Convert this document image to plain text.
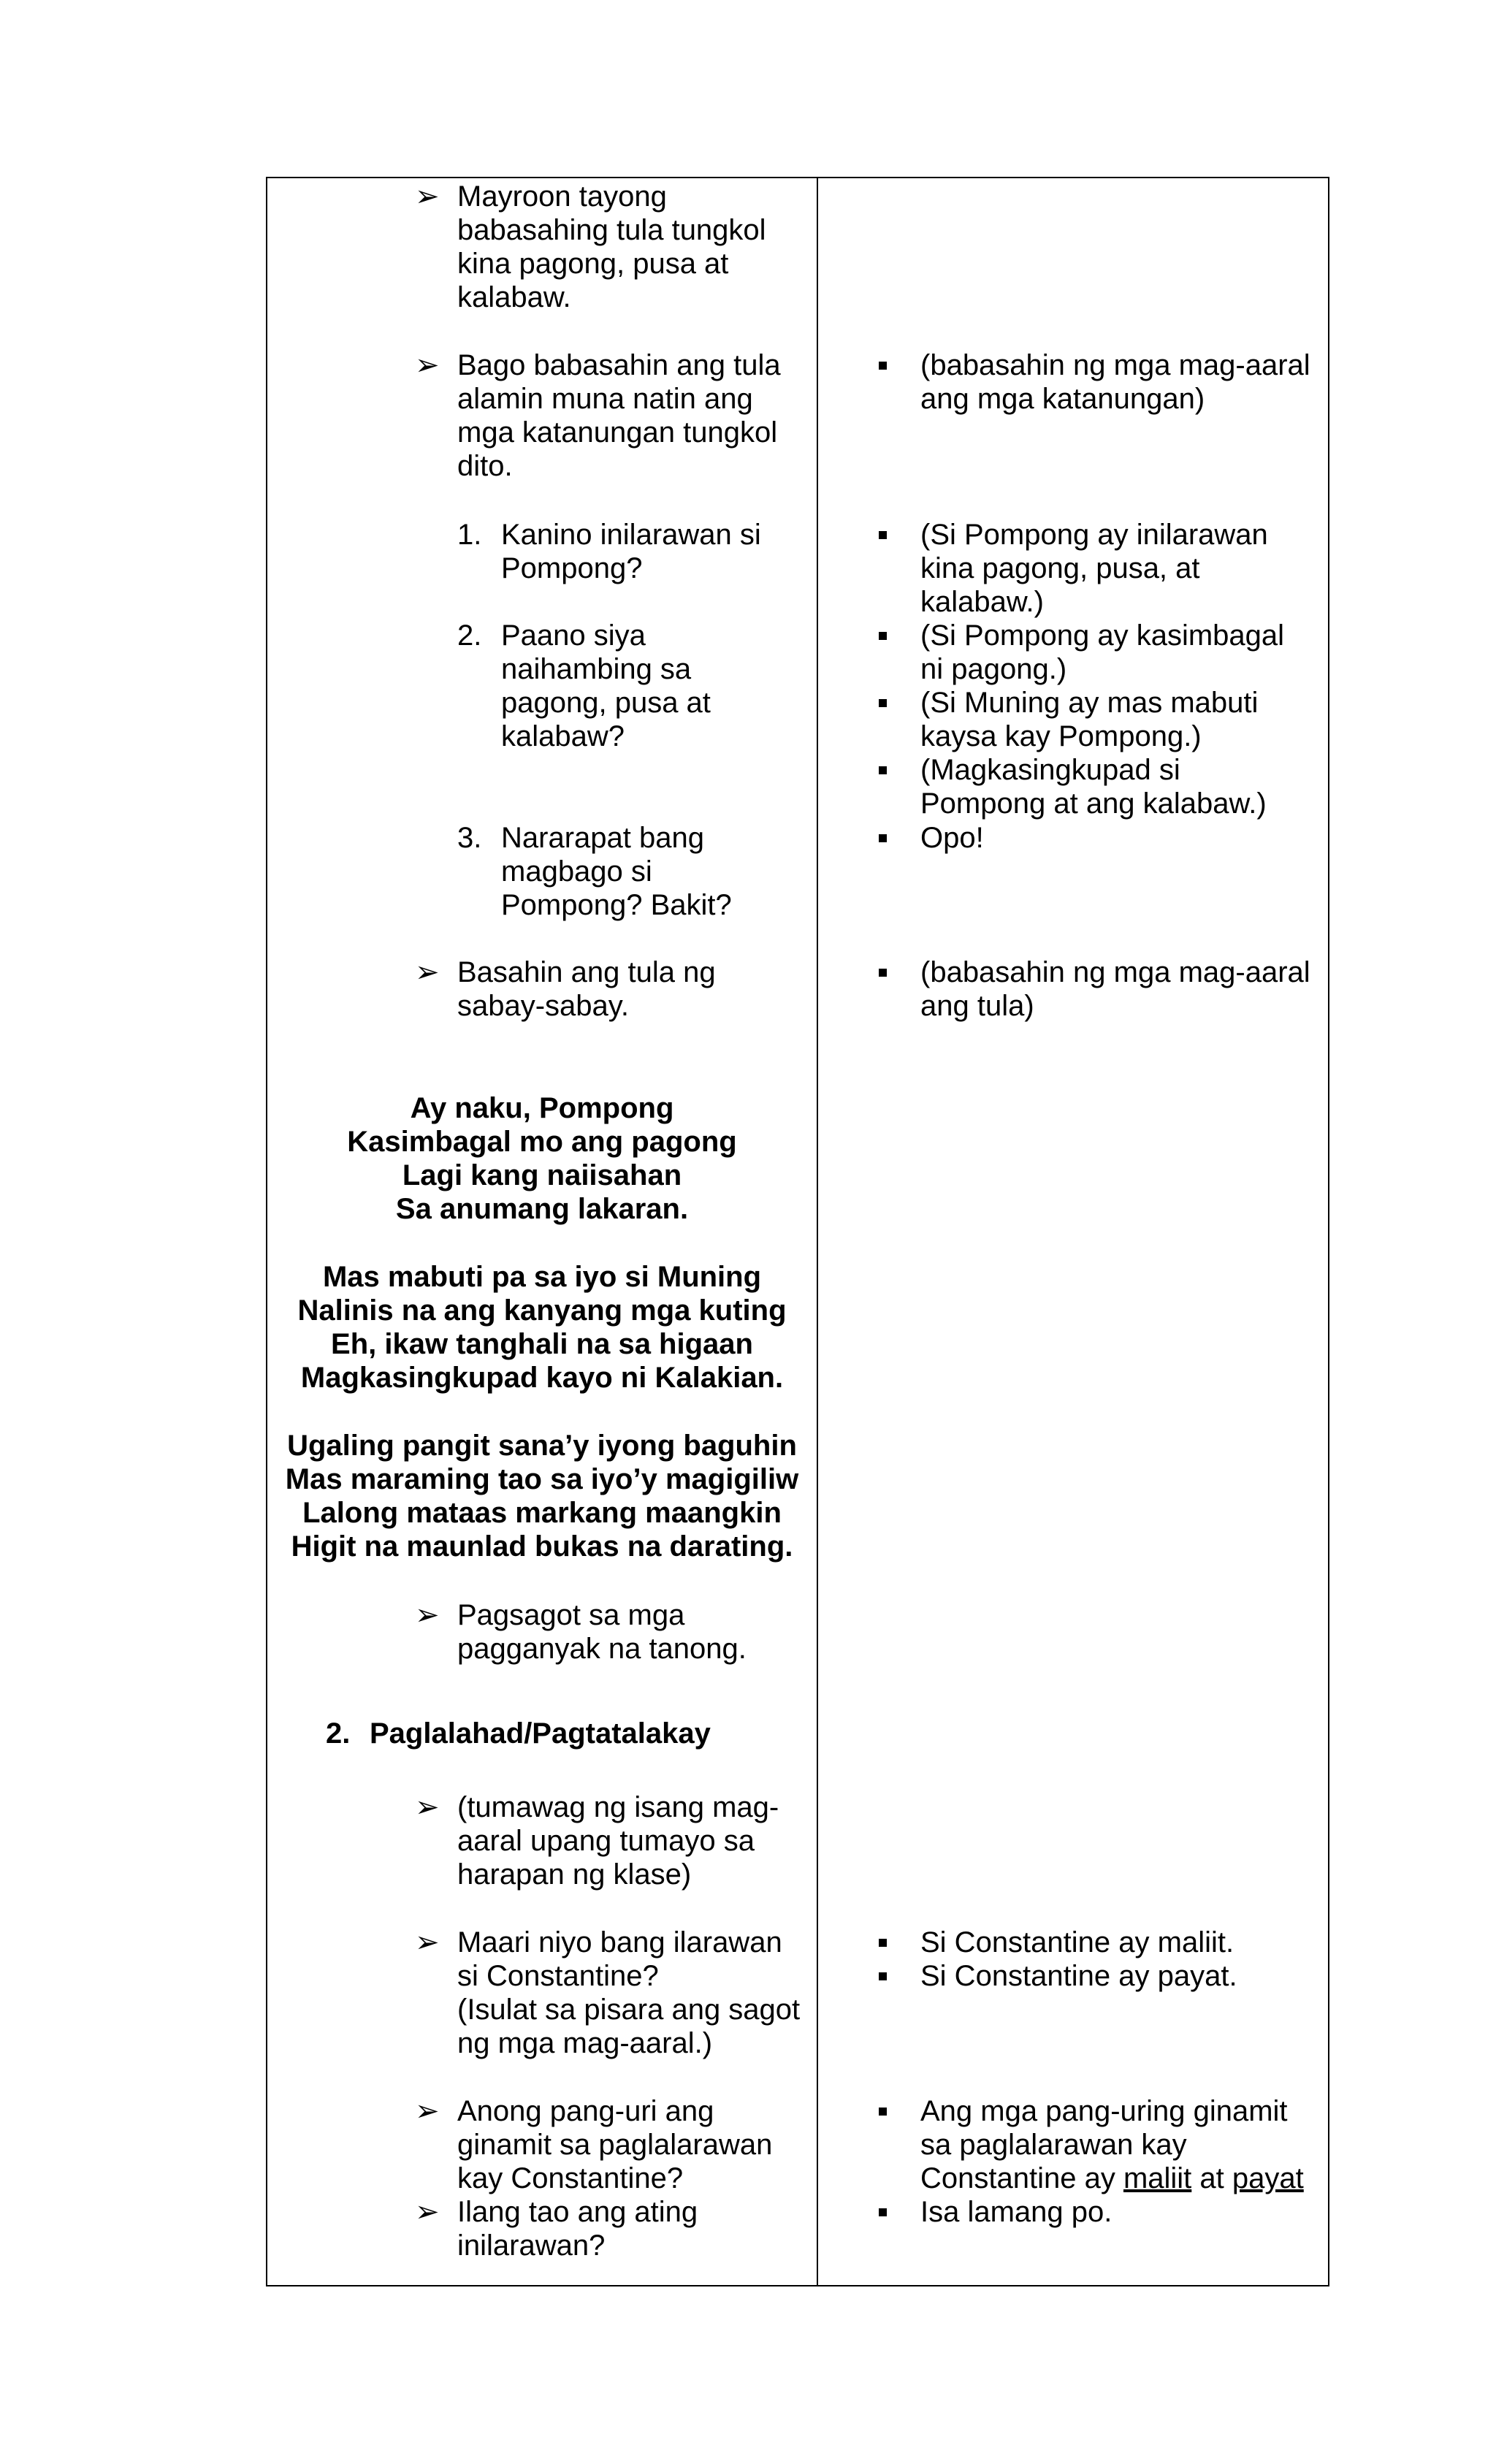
➢ Mayroon tayong
babasahing tula tungkol
kina pagong, pusa at
kalabaw.
➢ Bago babasahin ang tula
alamin muna natin ang
mga katanungan tungkol
dito.
1. Kanino inilarawan si
Pompong?
2. Paano siya
naihambing sa
pagong, pusa at
kalabaw?
3. Nararapat bang
magbago si
Pompong? Bakit?
➢ Basahin ang tula ng
sabay-sabay.
Ay naku, Pompong
Kasimbagal mo ang pagong
Lagi kang naiisahan
Sa anumang lakaran.
Mas mabuti pa sa iyo si Muning
Nalinis na ang kanyang mga kuting
Eh, ikaw tanghali na sa higaan
Magkasingkupad kayo ni Kalakian.
Ugaling pangit sana’y iyong baguhin
Mas maraming tao sa iyo’y magigiliw
Lalong mataas markang maangkin
Higit na maunlad bukas na darating.
➢ Pagsagot sa mga
pagganyak na tanong.
2. Paglalahad/Pagtatalakay
➢ (tumawag ng isang mag-
aaral upang tumayo sa
harapan ng klase)
➢ Maari niyo bang ilarawan
si Constantine?
(Isulat sa pisara ang sagot
ng mga mag-aaral.)
➢ Anong pang-uri ang
ginamit sa paglalarawan
kay Constantine?
➢ Ilang tao ang ating
inilarawan?
(babasahin ng mga mag-aaral
ang mga katanungan)
(Si Pompong ay inilarawan
kina pagong, pusa, at
kalabaw.)
(Si Pompong ay kasimbagal
ni pagong.)
(Si Muning ay mas mabuti
kaysa kay Pompong.)
(Magkasingkupad si
Pompong at ang kalabaw.)
Opo!
(babasahin ng mga mag-aaral
ang tula)
Si Constantine ay maliit.
Si Constantine ay payat.
Ang mga pang-uring ginamit
sa paglalarawan kay
Constantine ay maliit at payat
Isa lamang po.
